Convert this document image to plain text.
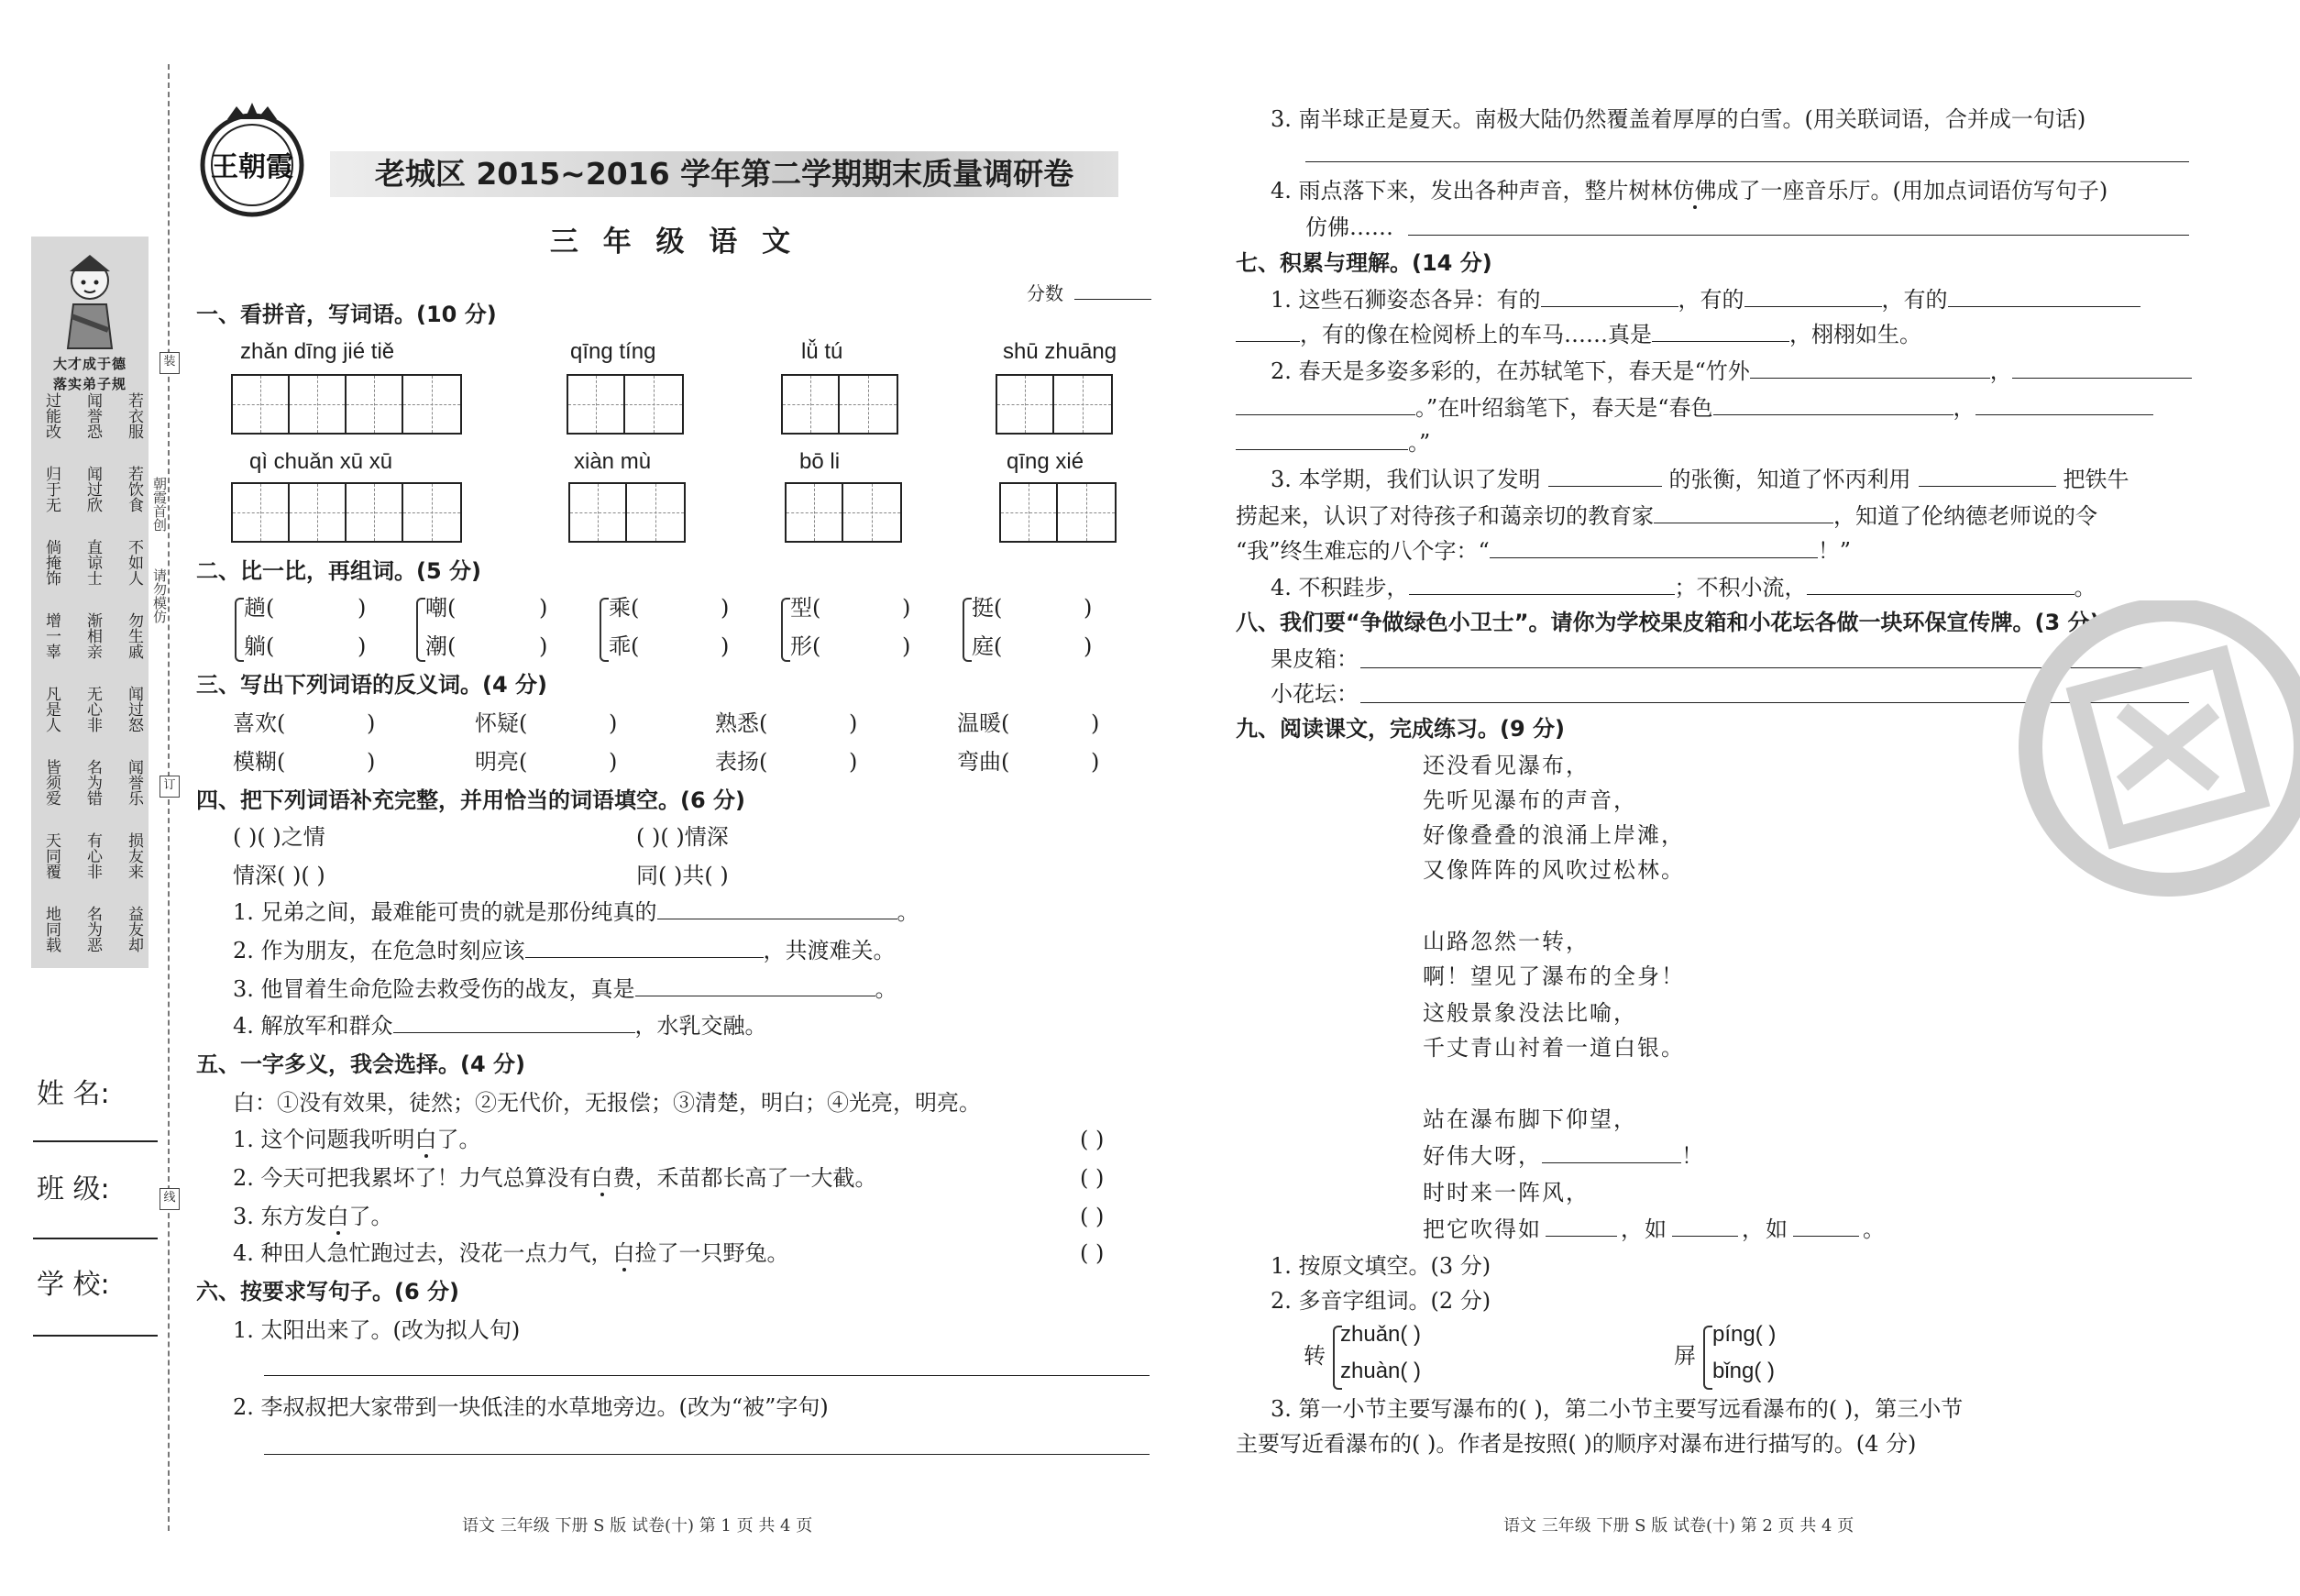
大才成于德
落实弟子规
过能改 闻誉恐 若衣服
归于无 闻过欣 若饮食
倘掩饰 直谅士 不如人
增一辜 渐相亲 勿生戚
凡是人 无心非 闻过怒
皆须爱 名为错 闻誉乐
天同覆 有心非 损友来
地同载 名为恶 益友却
装
朝霞首创
请勿模仿
订
线
姓 名:
班 级:
学 校:
老城区 2015~2016 学年第二学期期末质量调研卷
王朝霞
三 年 级 语 文
分数
一、看拼音，写词语。(10 分)
zhǎn dīng jié tiě	qīng tíng	lǚ tú	shū zhuāng
qì chuǎn xū xū	xiàn mù	bō li	qīng xié
二、比一比，再组词。(5 分)
趟(	)	嘲(	)	乘(	)	型(	)	挺(	)
躺(	)	潮(	)	乖(	)	形(	)	庭(	)
三、写出下列词语的反义词。(4 分)
喜欢(	)	怀疑(	)	熟悉(	)	温暖(	)
模糊(	)	明亮(	)	表扬(	)	弯曲(	)
四、把下列词语补充完整，并用恰当的词语填空。(6 分)
( )( )之情	( )( )情深
情深( )( )	同( )共( )
1. 兄弟之间，最难能可贵的就是那份纯真的	。
2. 作为朋友，在危急时刻应该	，共渡难关。
3. 他冒着生命危险去救受伤的战友，真是	。
4. 解放军和群众	，水乳交融。
五、一字多义，我会选择。(4 分)
白：①没有效果，徒然；②无代价，无报偿；③清楚，明白；④光亮，明亮。
1. 这个问题我听明白了。	( )
2. 今天可把我累坏了！力气总算没有白费，禾苗都长高了一大截。	( )
3. 东方发白了。	( )
4. 种田人急忙跑过去，没花一点力气，白捡了一只野兔。	( )
六、按要求写句子。(6 分)
1. 太阳出来了。(改为拟人句)
2. 李叔叔把大家带到一块低洼的水草地旁边。(改为“被”字句)
语文 三年级 下册 S 版 试卷(十) 第 1 页 共 4 页
3. 南半球正是夏天。南极大陆仍然覆盖着厚厚的白雪。(用关联词语，合并成一句话)
4. 雨点落下来，发出各种声音，整片树林仿佛成了一座音乐厅。(用加点词语仿写句子)
仿佛……
七、积累与理解。(14 分)
1. 这些石狮姿态各异：有的	，有的	，有的
，有的像在检阅桥上的车马……真是	，栩栩如生。
2. 春天是多姿多彩的，在苏轼笔下，春天是“竹外	，
。”在叶绍翁笔下，春天是“春色	，
。”
3. 本学期，我们认识了发明	的张衡，知道了怀丙利用	把铁牛
捞起来，认识了对待孩子和蔼亲切的教育家	，知道了伦纳德老师说的令
“我”终生难忘的八个字：“	！”
4. 不积跬步，	；不积小流，	。
八、我们要“争做绿色小卫士”。请你为学校果皮箱和小花坛各做一块环保宣传牌。(3 分)
果皮箱：
小花坛：
九、阅读课文，完成练习。(9 分)
还没看见瀑布，
先听见瀑布的声音，
好像叠叠的浪涌上岸滩，
又像阵阵的风吹过松林。
山路忽然一转，
啊！望见了瀑布的全身！
这般景象没法比喻，
千丈青山衬着一道白银。
站在瀑布脚下仰望，
好伟大呀，	！
时时来一阵风，
把它吹得如	，如	，如	。
1. 按原文填空。(3 分)
2. 多音字组词。(2 分)
转
zhuǎn( )
zhuàn( )
屏
píng( )
bǐng( )
3. 第一小节主要写瀑布的( )，第二小节主要写远看瀑布的( )，第三小节
主要写近看瀑布的( )。作者是按照( )的顺序对瀑布进行描写的。(4 分)
语文 三年级 下册 S 版 试卷(十) 第 2 页 共 4 页
